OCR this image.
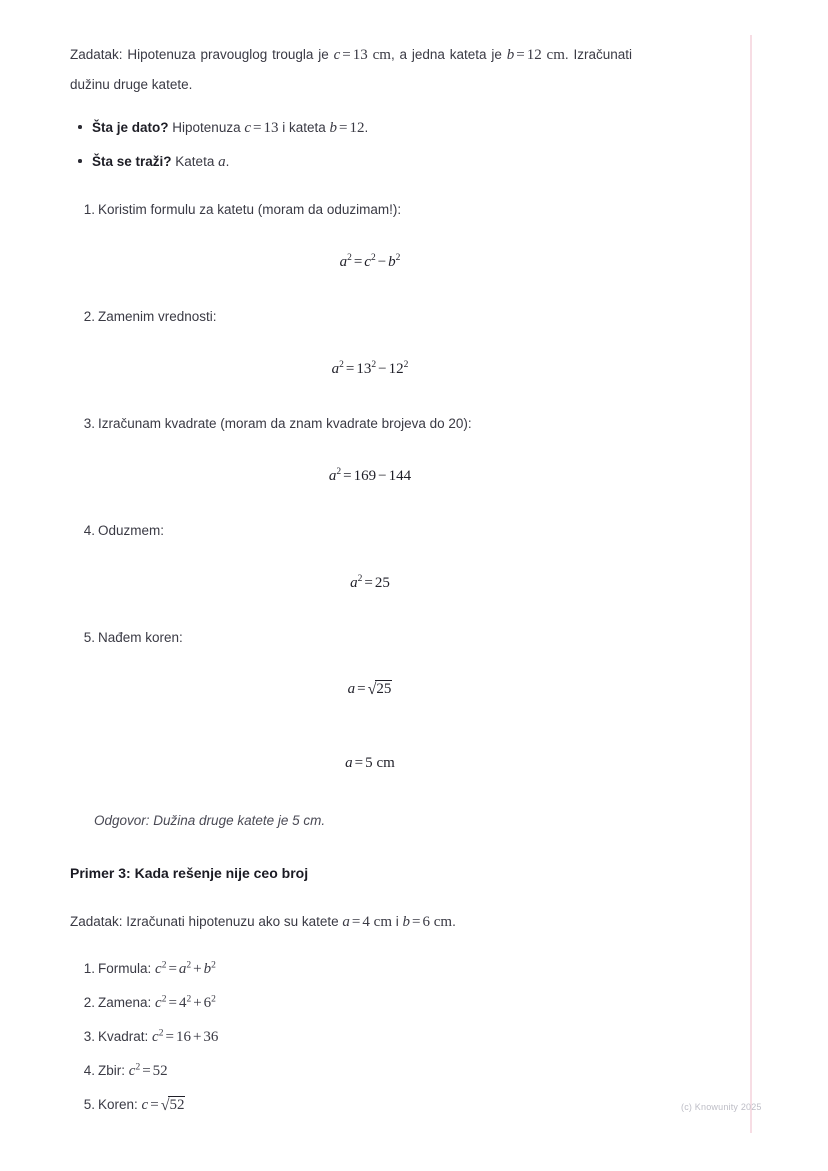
Zadatak: Hipotenuza pravouglog trougla je c = 13 cm, a jedna kateta je b = 12 cm. Izračunati dužinu druge katete.

Šta je dato? Hipotenuza c = 13 i kateta b = 12.
Šta se traži? Kateta a.
1. Koristim formulu za katetu (moram da oduzimam!):
$a^2 = c^2 - b^2$
2. Zamenim vrednosti:
$a^2 = 13^2 - 12^2$
3. Izračunam kvadrate (moram da znam kvadrate brojeva do 20):
$a^2 = 169 - 144$
4. Oduzmem:
$a^2 = 25$
5. Nađem koren:
a = √25
a = 5 cm
Odgovor: Dužina druge katete je 5 cm.
Primer 3: Kada rešenje nije ceo broj

Zadatak: Izračunati hipotenuzu ako su katete a = 4 cm i b = 6 cm.

1. Formula: $c^2 = a^2 + b^2$
2. Zamena: $c^2 = 4^2 + 6^2$
3. Kvadrat: $c^2 = 16 + 36$
4. Zbir: $c^2 = 52$
5. Koren: c = √52	(c) Knowunity 2025
